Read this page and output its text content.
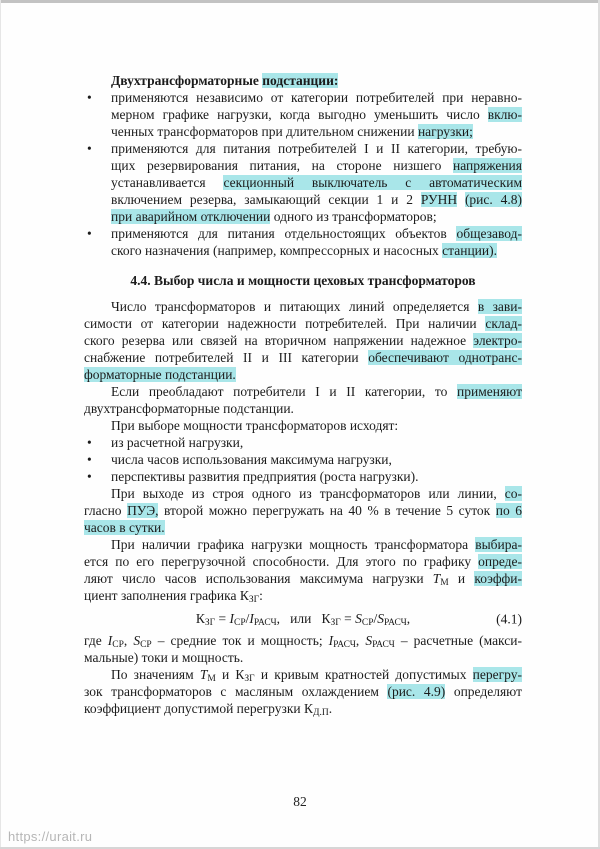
Двухтрансформаторные подстанции:
• применяются независимо от категории потребителей при неравно-
мерном графике нагрузки, когда выгодно уменьшить число вклю-
ченных трансформаторов при длительном снижении нагрузки;
• применяются для питания потребителей I и II категории, требую-
щих резервирования питания, на стороне низшего напряжения
устанавливается секционный выключатель с автоматическим
включением резерва, замыкающий секции 1 и 2 РУНН (рис. 4.8)
при аварийном отключении одного из трансформаторов;
• применяются для питания отдельностоящих объектов общезавод-
ского назначения (например, компрессорных и насосных станции).
4.4. Выбор числа и мощности цеховых трансформаторов
Число трансформаторов и питающих линий определяется в зави-
симости от категории надежности потребителей. При наличии склад-
ского резерва или связей на вторичном напряжении надежное электро-
снабжение потребителей II и III категории обеспечивают однотранс-
форматорные подстанции.
Если преобладают потребители I и II категории, то применяют
двухтрансформаторные подстанции.
При выборе мощности трансформаторов исходят:
• из расчетной нагрузки,
• числа часов использования максимума нагрузки,
• перспективы развития предприятия (роста нагрузки).
При выходе из строя одного из трансформаторов или линии, со-
гласно ПУЭ, второй можно перегружать на 40 % в течение 5 суток по 6
часов в сутки.
При наличии графика нагрузки мощность трансформатора выбира-
ется по его перегрузочной способности. Для этого по графику опреде-
ляют число часов использования максимума нагрузки $Т_М$ и коэффи-
циент заполнения графика $К_{ЗГ}$:
$К_{ЗГ} = I_{СР}/I_{РАСЧ}$,   или   $К_{ЗГ} = S_{СР}/S_{РАСЧ}$,	(4.1)
где $I_{СР}$, $S_{СР}$ – средние ток и мощность; $I_{РАСЧ}$, $S_{РАСЧ}$ – расчетные (макси-
мальные) токи и мощность.
По значениям $Т_М$ и $К_{ЗГ}$ и кривым кратностей допустимых перегру-
зок трансформаторов с масляным охлаждением (рис. 4.9) определяют
коэффициент допустимой перегрузки $К_{Д.П}$.
82
https://urait.ru
